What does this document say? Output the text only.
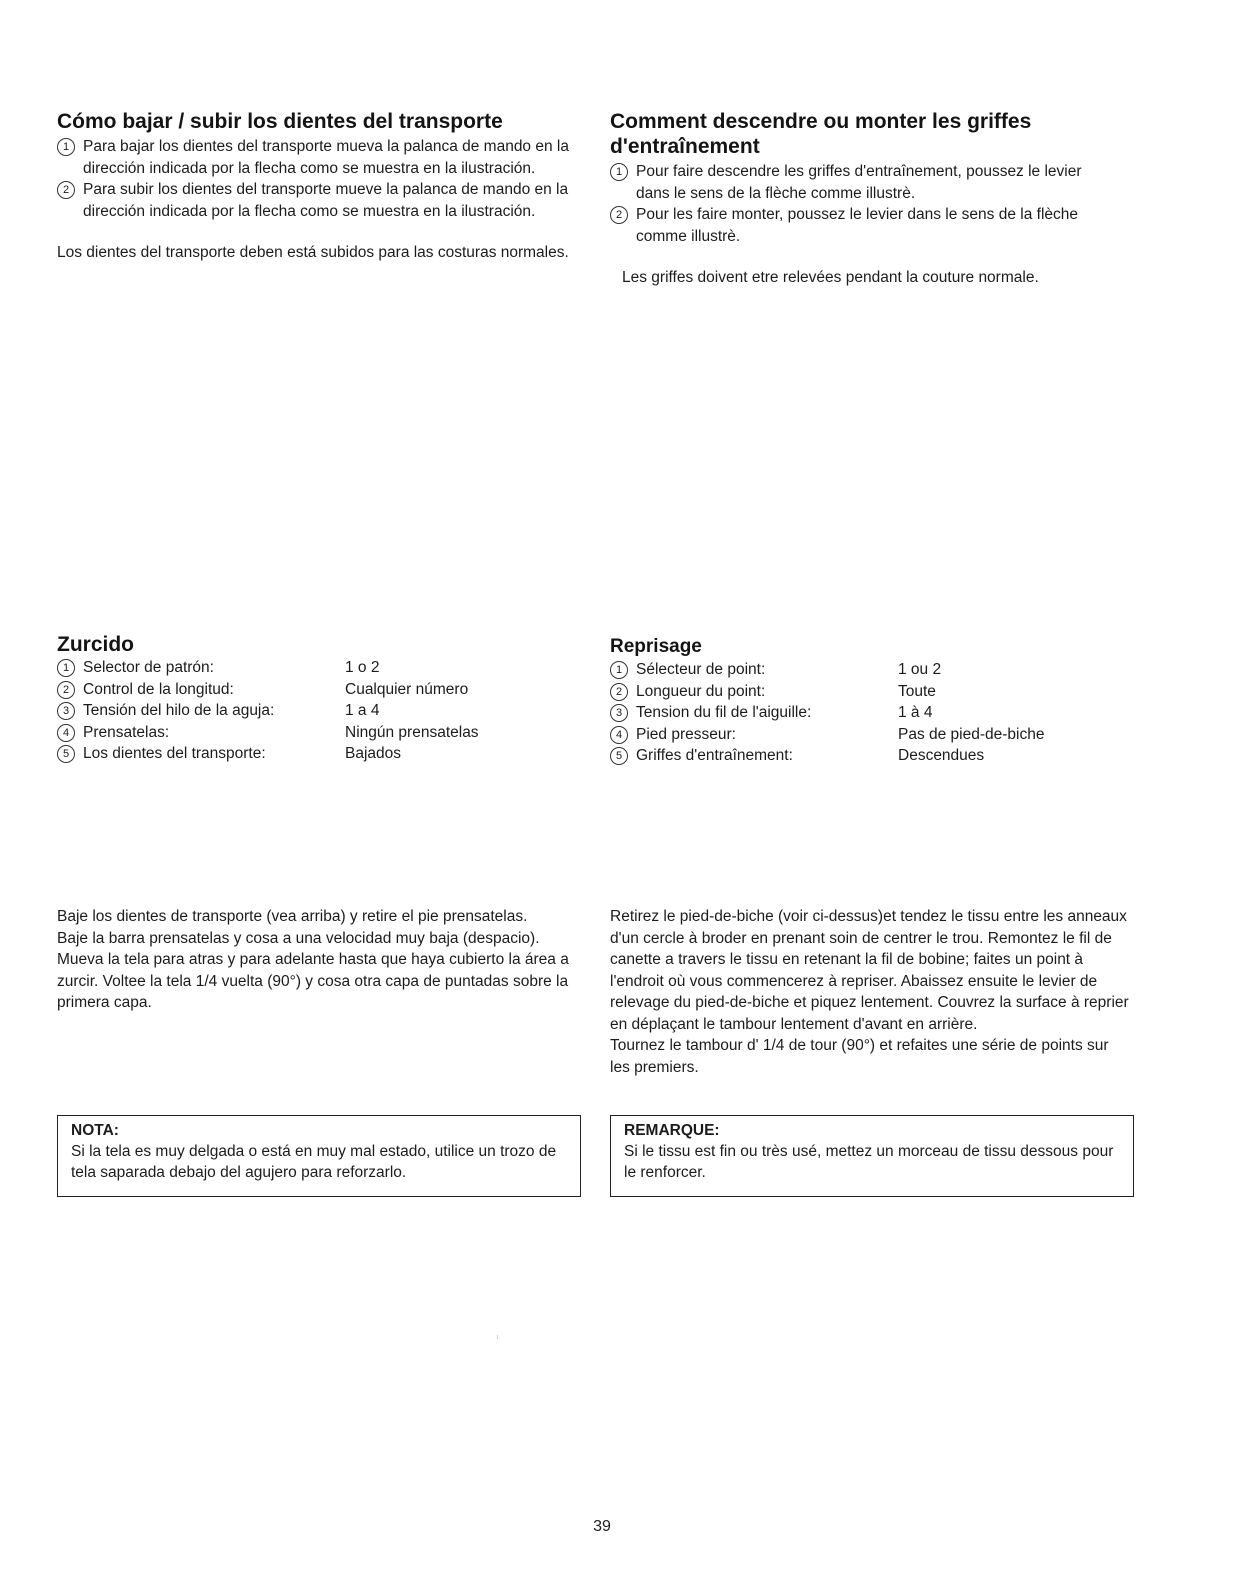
Cómo bajar / subir los dientes del transporte
1 Para bajar los dientes del transporte mueva la palanca de mando en la dirección indicada por la flecha como se muestra en la ilustración.
2 Para subir los dientes del transporte mueve la palanca de mando en la dirección indicada por la flecha como se muestra en la ilustración.

Los dientes del transporte deben está subidos para las costuras normales.

Comment descendre ou monter les griffes d'entraînement
1 Pour faire descendre les griffes d'entraînement, poussez le levier dans le sens de la flèche comme illustrè.
2 Pour les faire monter, poussez le levier dans le sens de la flèche comme illustrè.

Les griffes doivent etre relevées pendant la couture normale.

Zurcido
1 Selector de patrón:	1 o 2

2 Control de la longitud:	Cualquier número

3 Tensión del hilo de la aguja:	1 a 4

4 Prensatelas:	Ningún prensatelas

5 Los dientes del transporte:	Bajados
Reprisage
1 Sélecteur de point:	1 ou 2

2 Longueur du point:	Toute

3 Tension du fil de l'aiguille:	1 à 4

4 Pied presseur:	Pas de pied-de-biche

5 Griffes d'entraînement:	Descendues

Baje los dientes de transporte (vea arriba) y retire el pie prensatelas.

Baje la barra prensatelas y cosa a una velocidad muy baja (despacio).

Mueva la tela para atras y para adelante hasta que haya cubierto la área a zurcir. Voltee la tela 1/4 vuelta (90°) y cosa otra capa de puntadas sobre la primera capa.

Retirez le pied-de-biche (voir ci-dessus)et tendez le tissu entre les anneaux d'un cercle à broder en prenant soin de centrer le trou. Remontez le fil de canette a travers le tissu en retenant la fil de bobine; faites un point à l'endroit où vous commencerez à repriser. Abaissez ensuite le levier de relevage du pied-de-biche et piquez lentement. Couvrez la surface à reprier en déplaçant le tambour lentement d'avant en arrière.

Tournez le tambour d' 1/4 de tour (90°) et refaites une série de points sur les premiers.

NOTA:

Si la tela es muy delgada o está en muy mal estado, utilice un trozo de tela saparada debajo del agujero para reforzarlo.

REMARQUE:

Si le tissu est fin ou très usé, mettez un morceau de tissu dessous pour le renforcer.

39
